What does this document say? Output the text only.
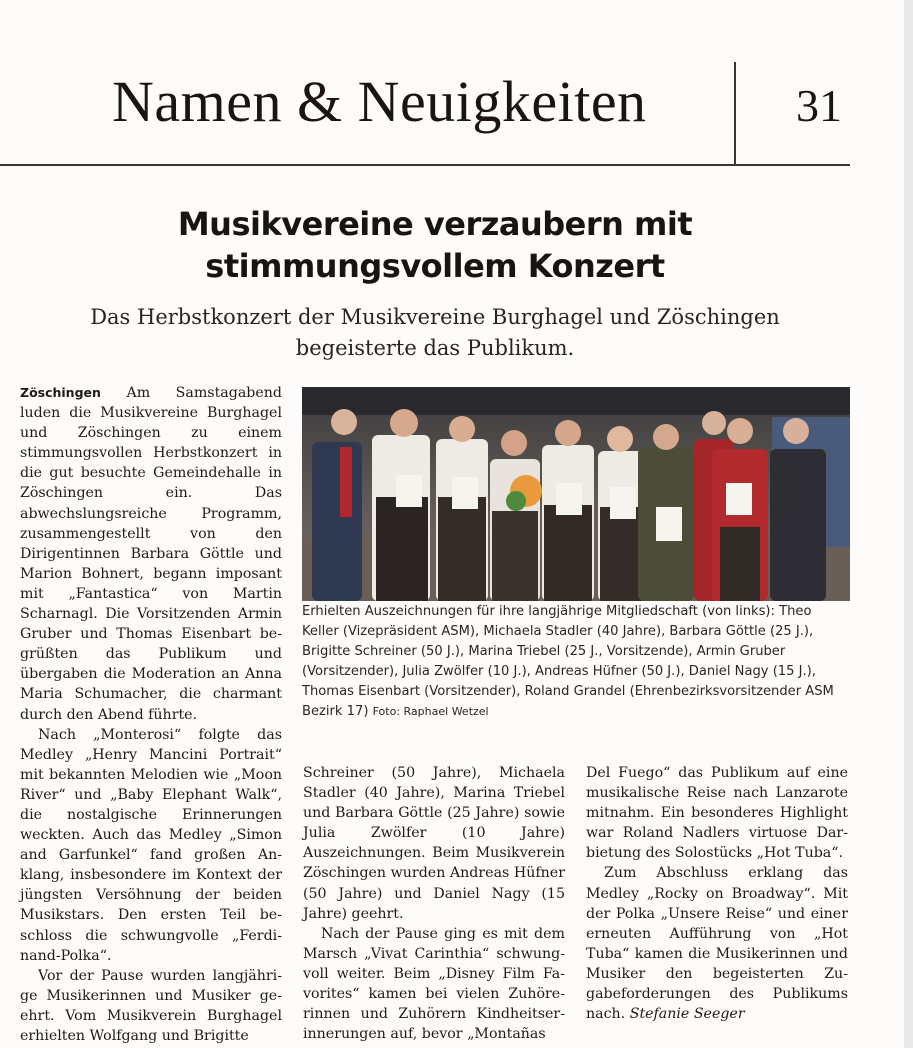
Namen & Neuigkeiten	31
Musikvereine verzaubern mit
stimmungsvollem Konzert
Das Herbstkonzert der Musikvereine Burghagel und Zöschingen begeisterte das Publikum.

Zöschingen Am Samstagabend luden die Musikvereine Burghagel und Zöschingen zu einem stimmungsvollen Herbstkonzert in die gut besuchte Gemeindehalle in Zöschingen ein. Das abwechslungsreiche Programm, zusammengestellt von den Dirigentinnen Barbara Göttle und Marion Bohnert, begann imposant mit „Fantastica“ von Martin Scharnagl. Die Vorsitzenden Armin Gruber und Thomas Eisenbart begrüßten das Publikum und übergaben die Moderation an Anna Maria Schumacher, die charmant durch den Abend führte.

Nach „Monterosi“ folgte das Medley „Henry Mancini Portrait“ mit bekannten Melodien wie „Moon River“ und „Baby Elephant Walk“, die nostalgische Erinnerungen weckten. Auch das Medley „Simon and Garfunkel“ fand großen Anklang, insbesondere im Kontext der jüngsten Versöhnung der beiden Musikstars. Den ersten Teil beschloss die schwungvolle „Ferdinand-Polka“.

Vor der Pause wurden langjährige Musikerinnen und Musiker geehrt. Vom Musikverein Burghagel erhielten Wolfgang und Brigitte

Erhielten Auszeichnungen für ihre langjährige Mitgliedschaft (von links): Theo Keller (Vizepräsident ASM), Michaela Stadler (40 Jahre), Barbara Göttle (25 J.), Brigitte Schreiner (50 J.), Marina Triebel (25 J., Vorsitzende), Armin Gruber (Vorsitzender), Julia Zwölfer (10 J.), Andreas Hüfner (50 J.), Daniel Nagy (15 J.), Thomas Eisenbart (Vorsitzender), Roland Grandel (Ehrenbezirksvorsitzender ASM Bezirk 17) Foto: Raphael Wetzel

Schreiner (50 Jahre), Michaela Stadler (40 Jahre), Marina Triebel und Barbara Göttle (25 Jahre) sowie Julia Zwölfer (10 Jahre) Auszeichnungen. Beim Musikverein Zöschingen wurden Andreas Hüfner (50 Jahre) und Daniel Nagy (15 Jahre) geehrt.

Nach der Pause ging es mit dem Marsch „Vivat Carinthia“ schwungvoll weiter. Beim „Disney Film Favorites“ kamen bei vielen Zuhörerinnen und Zuhörern Kindheitserinnerungen auf, bevor „Montañas

Del Fuego“ das Publikum auf eine musikalische Reise nach Lanzarote mitnahm. Ein besonderes Highlight war Roland Nadlers virtuose Darbietung des Solostücks „Hot Tuba“.

Zum Abschluss erklang das Medley „Rocky on Broadway“. Mit der Polka „Unsere Reise“ und einer erneuten Aufführung von „Hot Tuba“ kamen die Musikerinnen und Musiker den begeisterten Zugabeforderungen des Publikums nach. Stefanie Seeger
